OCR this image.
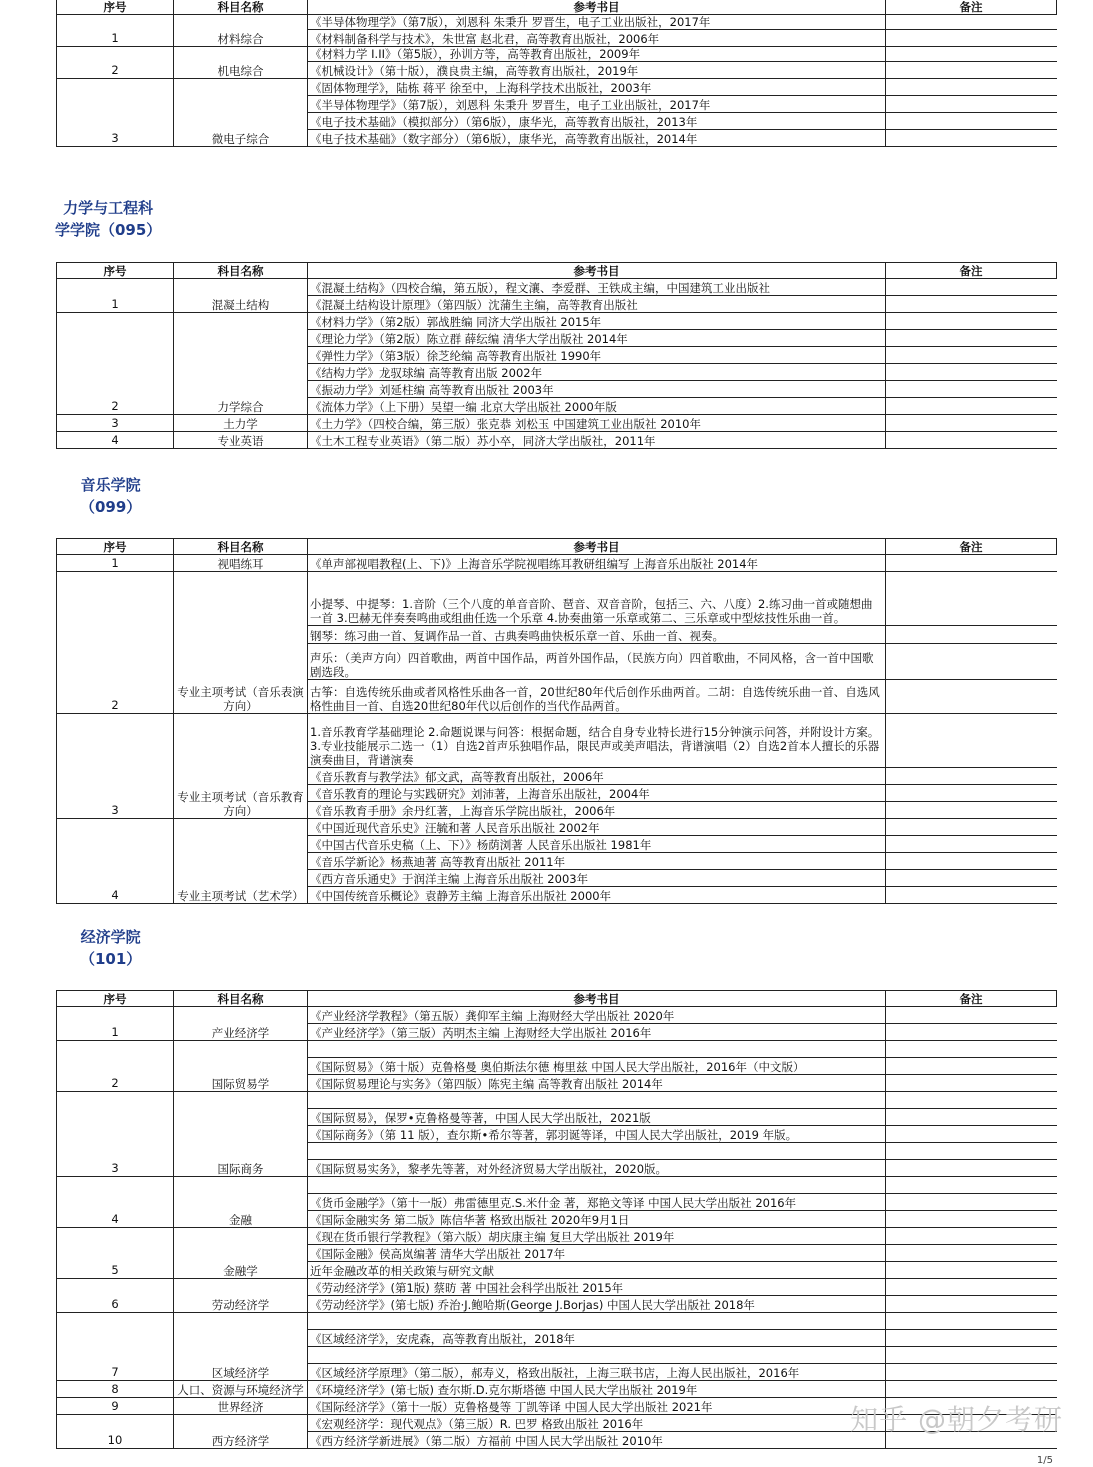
序号	科目名称	参考书目	备注
1	材料综合	《半导体物理学》（第7版），刘恩科 朱秉升 罗晋生，电子工业出版社，2017年	
		《材料制备科学与技术》，朱世富 赵北君，高等教育出版社，2006年	
2	机电综合	《材料力学 I.II》（第5版），孙训方等，高等教育出版社，2009年	
		《机械设计》（第十版），濮良贵主编，高等教育出版社，2019年	
3	微电子综合	《固体物理学》，陆栋 蒋平 徐至中，上海科学技术出版社，2003年	
		《半导体物理学》（第7版），刘恩科 朱秉升 罗晋生，电子工业出版社，2017年	
		《电子技术基础》（模拟部分）（第6版），康华光，高等教育出版社，2013年	
		《电子技术基础》（数字部分）（第6版），康华光，高等教育出版社，2014年	
力学与工程科
学学院（095）
序号	科目名称	参考书目	备注
1	混凝土结构	《混凝土结构》（四校合编，第五版），程文瀼、李爱群、王铁成主编，中国建筑工业出版社	
		《混凝土结构设计原理》（第四版）沈蒲生主编，高等教育出版社	
2	力学综合	《材料力学》（第2版）郭战胜编 同济大学出版社 2015年	
		《理论力学》（第2版）陈立群 薛纭编 清华大学出版社 2014年	
		《弹性力学》（第3版）徐芝纶编 高等教育出版社 1990年	
		《结构力学》龙驭球编 高等教育出版 2002年	
		《振动力学》刘延柱编 高等教育出版社 2003年	
		《流体力学》（上下册）吴望一编 北京大学出版社 2000年版	
3	土力学	《土力学》（四校合编，第三版）张克恭 刘松玉 中国建筑工业出版社 2010年	
4	专业英语	《土木工程专业英语》（第二版）苏小卒，同济大学出版社，2011年	
音乐学院
（099）
序号	科目名称	参考书目	备注
1	视唱练耳	《单声部视唱教程(上、下)》上海音乐学院视唱练耳教研组编写 上海音乐出版社 2014年	
2	专业主项考试（音乐表演方向）	小提琴、中提琴：1.音阶（三个八度的单音音阶、琶音、双音音阶，包括三、六、八度）2.练习曲一首或随想曲一首 3.巴赫无伴奏奏鸣曲或组曲任选一个乐章 4.协奏曲第一乐章或第二、三乐章或中型炫技性乐曲一首。	
		钢琴：练习曲一首、复调作品一首、古典奏鸣曲快板乐章一首、乐曲一首、视奏。	
		声乐：（美声方向）四首歌曲，两首中国作品，两首外国作品，（民族方向）四首歌曲，不同风格，含一首中国歌剧选段。	
		古筝：自选传统乐曲或者风格性乐曲各一首，20世纪80年代后创作乐曲两首。二胡：自选传统乐曲一首、自选风格性曲目一首、自选20世纪80年代以后创作的当代作品两首。	
3	专业主项考试（音乐教育方向）	1.音乐教育学基础理论 2.命题说课与问答：根据命题，结合自身专业特长进行15分钟演示问答，并附设计方案。3.专业技能展示二选一（1）自选2首声乐独唱作品，限民声或美声唱法，背谱演唱（2）自选2首本人擅长的乐器演奏曲目，背谱演奏	
		《音乐教育与教学法》郁文武，高等教育出版社，2006年	
		《音乐教育的理论与实践研究》刘沛著，上海音乐出版社，2004年	
		《音乐教育手册》余丹红著，上海音乐学院出版社，2006年	
4	专业主项考试（艺术学）	《中国近现代音乐史》汪毓和著 人民音乐出版社 2002年	
		《中国古代音乐史稿（上、下）》杨荫浏著 人民音乐出版社 1981年	
		《音乐学新论》杨燕迪著 高等教育出版社 2011年	
		《西方音乐通史》于润洋主编 上海音乐出版社 2003年	
		《中国传统音乐概论》袁静芳主编 上海音乐出版社 2000年	
经济学院
（101）
序号	科目名称	参考书目	备注
1	产业经济学	《产业经济学教程》（第五版）龚仰军主编 上海财经大学出版社 2020年	
		《产业经济学》（第三版）芮明杰主编 上海财经大学出版社 2016年	
2	国际贸易学		
		《国际贸易》（第十版）克鲁格曼 奥伯斯法尔德 梅里兹 中国人民大学出版社，2016年（中文版）	
		《国际贸易理论与实务》（第四版）陈宪主编 高等教育出版社 2014年	
3	国际商务		
		《国际贸易》，保罗•克鲁格曼等著，中国人民大学出版社，2021版	
		《国际商务》（第 11 版），查尔斯•希尔等著，郭羽诞等译，中国人民大学出版社，2019 年版。	

		《国际贸易实务》，黎孝先等著，对外经济贸易大学出版社，2020版。	
4	金融		
		《货币金融学》（第十一版）弗雷德里克.S.米什金 著，郑艳文等译 中国人民大学出版社 2016年	
		《国际金融实务 第二版》陈信华著 格致出版社 2020年9月1日	
5	金融学	《现在货币银行学教程》（第六版）胡庆康主编 复旦大学出版社 2019年	
		《国际金融》侯高岚编著 清华大学出版社 2017年	
		近年金融改革的相关政策与研究文献	
6	劳动经济学	《劳动经济学》(第1版) 蔡昉 著 中国社会科学出版社 2015年	
		《劳动经济学》(第七版) 乔治·J.鲍哈斯(George J.Borjas) 中国人民大学出版社 2018年	
7	区域经济学		
		《区域经济学》，安虎森，高等教育出版社，2018年	

		《区域经济学原理》（第二版），郝寿义，格致出版社，上海三联书店，上海人民出版社，2016年	
8	人口、资源与环境经济学	《环境经济学》(第七版) 查尔斯.D.克尔斯塔德 中国人民大学出版社 2019年	
9	世界经济	《国际经济学》（第十一版）克鲁格曼等 丁凯等译 中国人民大学出版社 2021年	
10	西方经济学	《宏观经济学：现代观点》（第三版）R. 巴罗 格致出版社 2016年	
		《西方经济学新进展》（第二版）方福前 中国人民大学出版社 2010年	
知乎 @朝夕考研
1/5
